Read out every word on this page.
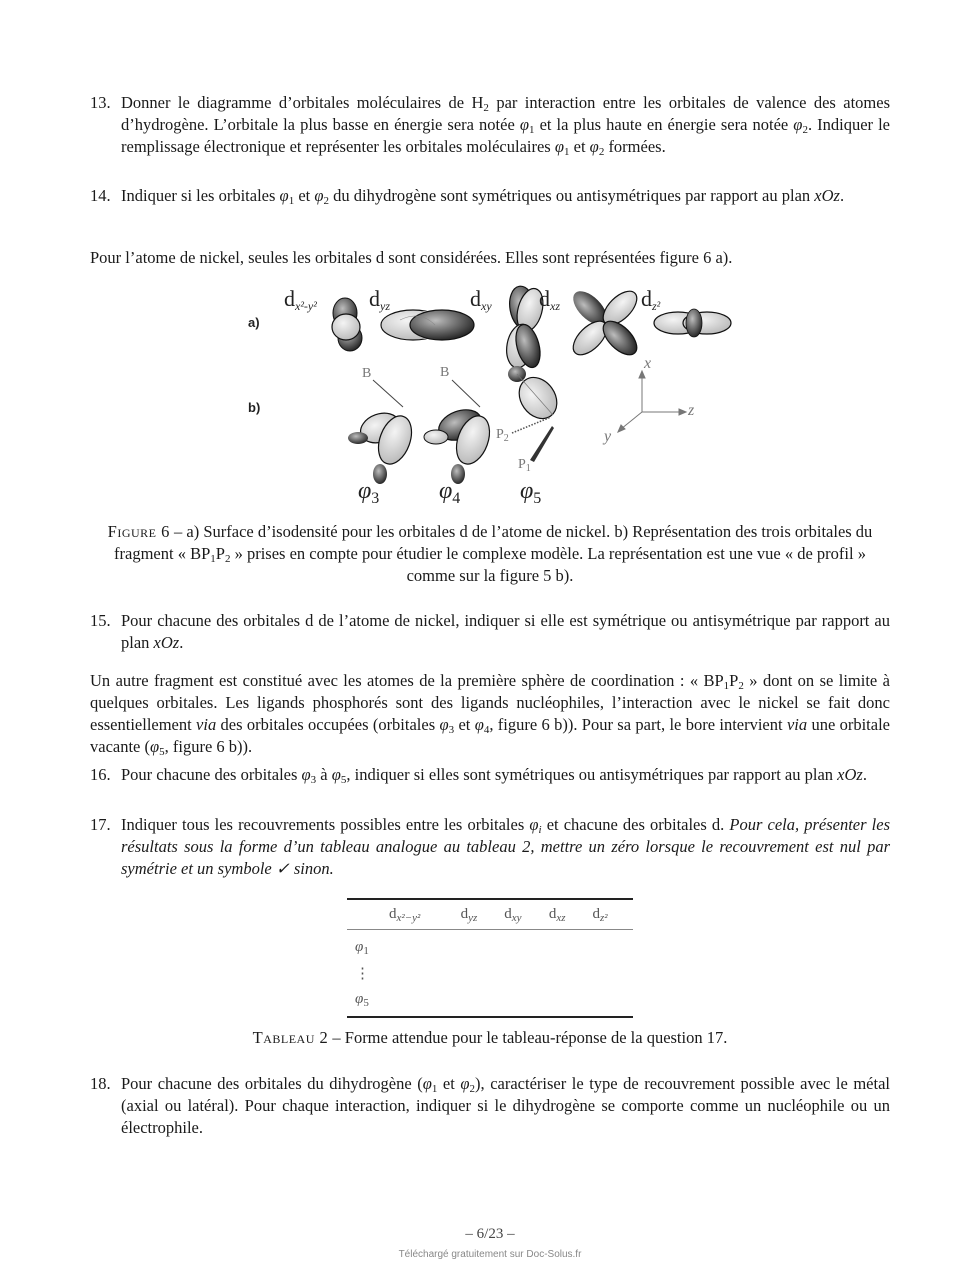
13. Donner le diagramme d’orbitales moléculaires de $H_2$ par interaction entre les orbitales de valence des atomes d’hydrogène. L’orbitale la plus basse en énergie sera notée $\varphi_1$ et la plus haute en énergie sera notée $\varphi_2$. Indiquer le remplissage électronique et représenter les orbitales moléculaires $\varphi_1$ et $\varphi_2$ formées.
14. Indiquer si les orbitales $\varphi_1$ et $\varphi_2$ du dihydrogène sont symétriques ou antisymétriques par rapport au plan xOz.
Pour l’atome de nickel, seules les orbitales d sont considérées. Elles sont représentées figure 6 a).
a)
b)
$d_{x^2-y^2}$ $d_{yz}$	$d_{xy}$ $d_{xz}$	$d_{z^2}$
B	B
$P_2$
$P_1$
x
z
y
$\varphi_3$ $\varphi_4$ $\varphi_5$
Figure 6 – a) Surface d’isodensité pour les orbitales d de l’atome de nickel. b) Représentation des trois orbitales du fragment « $BP_1P_2$ » prises en compte pour étudier le complexe modèle. La représentation est une vue « de profil » comme sur la figure 5 b).
15. Pour chacune des orbitales d de l’atome de nickel, indiquer si elle est symétrique ou antisymétrique par rapport au plan xOz.
Un autre fragment est constitué avec les atomes de la première sphère de coordination : « $BP_1P_2$ » dont on se limite à quelques orbitales. Les ligands phosphorés sont des ligands nucléophiles, l’interaction avec le nickel se fait donc essentiellement via des orbitales occupées (orbitales $\varphi_3$ et $\varphi_4$, figure 6 b)). Pour sa part, le bore intervient via une orbitale vacante ($\varphi_5$, figure 6 b)).
16. Pour chacune des orbitales $\varphi_3$ à $\varphi_5$, indiquer si elles sont symétriques ou antisymétriques par rapport au plan xOz.
17. Indiquer tous les recouvrements possibles entre les orbitales $\varphi_i$ et chacune des orbitales d. Pour cela, présenter les résultats sous la forme d’un tableau analogue au tableau 2, mettre un zéro lorsque le recouvrement est nul par symétrie et un symbole ✓ sinon.
	$d_{x^2-y^2}$	$d_{yz}$	$d_{xy}$	$d_{xz}$	$d_{z^2}$
$\varphi_1$					
⋮					
$\varphi_5$					
Tableau 2 – Forme attendue pour le tableau-réponse de la question 17.
18. Pour chacune des orbitales du dihydrogène ($\varphi_1$ et $\varphi_2$), caractériser le type de recouvrement possible avec le métal (axial ou latéral). Pour chaque interaction, indiquer si le dihydrogène se comporte comme un nucléophile ou un électrophile.
– 6/23 –
Téléchargé gratuitement sur Doc-Solus.fr
